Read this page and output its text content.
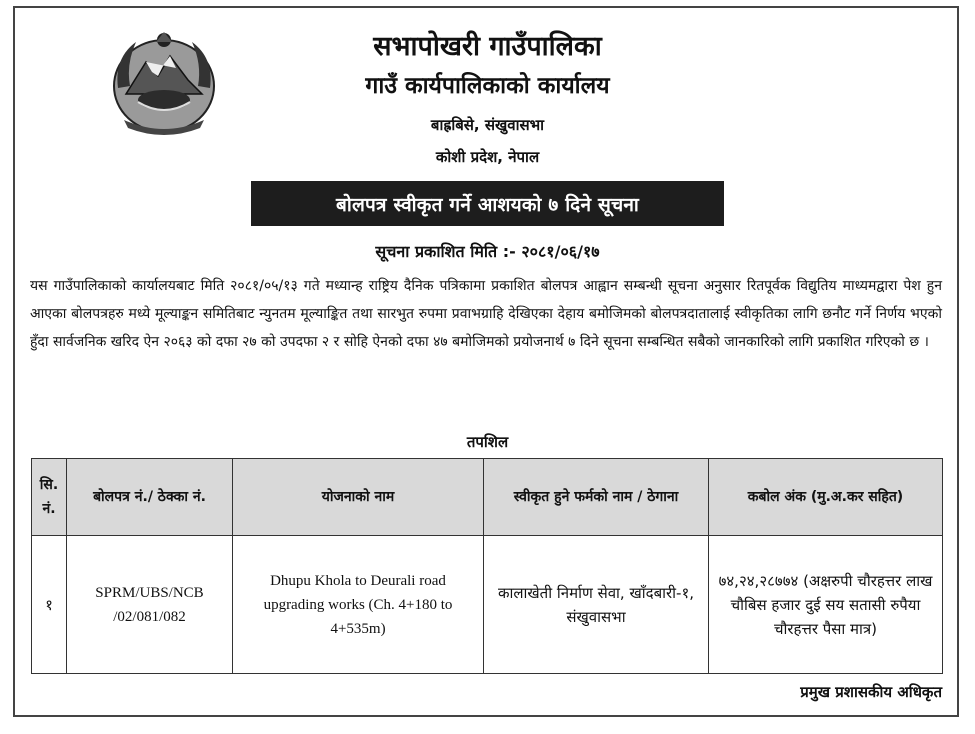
सभापोखरी गाउँपालिका
गाउँ कार्यपालिकाको कार्यालय
बाह्रबिसे, संखुवासभा
कोशी प्रदेश, नेपाल
बोलपत्र स्वीकृत गर्ने आशयको ७ दिने सूचना
सूचना प्रकाशित मिति :- २०८१/०६/१७
यस गाउँपालिकाको कार्यालयबाट मिति २०८१/०५/१३ गते मध्यान्ह राष्ट्रिय दैनिक पत्रिकामा प्रकाशित बोलपत्र आह्वान सम्बन्धी सूचना अनुसार रितपूर्वक विद्युतिय माध्यमद्वारा पेश हुन आएका बोलपत्रहरु मध्ये मूल्याङ्कन समितिबाट न्युनतम मूल्याङ्कित तथा सारभुत रुपमा प्रवाभग्राहि देखिएका देहाय बमोजिमको बोलपत्रदातालाई स्वीकृतिका लागि छनौट गर्ने निर्णय भएको हुँदा सार्वजनिक खरिद ऐन २०६३ को दफा २७ को उपदफा २ र सोहि ऐनको दफा ४७ बमोजिमको प्रयोजनार्थ ७ दिने सूचना सम्बन्धित सबैको जानकारिको लागि प्रकाशित गरिएको छ ।
तपशिल
सि. नं.	बोलपत्र नं./ ठेक्का नं.	योजनाको नाम	स्वीकृत हुने फर्मको नाम / ठेगाना	कबोल अंक (मु.अ.कर सहित)
१	SPRM/UBS/NCB /02/081/082	Dhupu Khola to Deurali road upgrading works (Ch. 4+180 to 4+535m)	कालाखेती निर्माण सेवा, खाँदबारी-१, संखुवासभा	७४,२४,२८७७४ (अक्षरुपी चौरहत्तर लाख चौबिस हजार दुई सय सतासी रुपैया चौरहत्तर पैसा मात्र)
प्रमुख प्रशासकीय अधिकृत
